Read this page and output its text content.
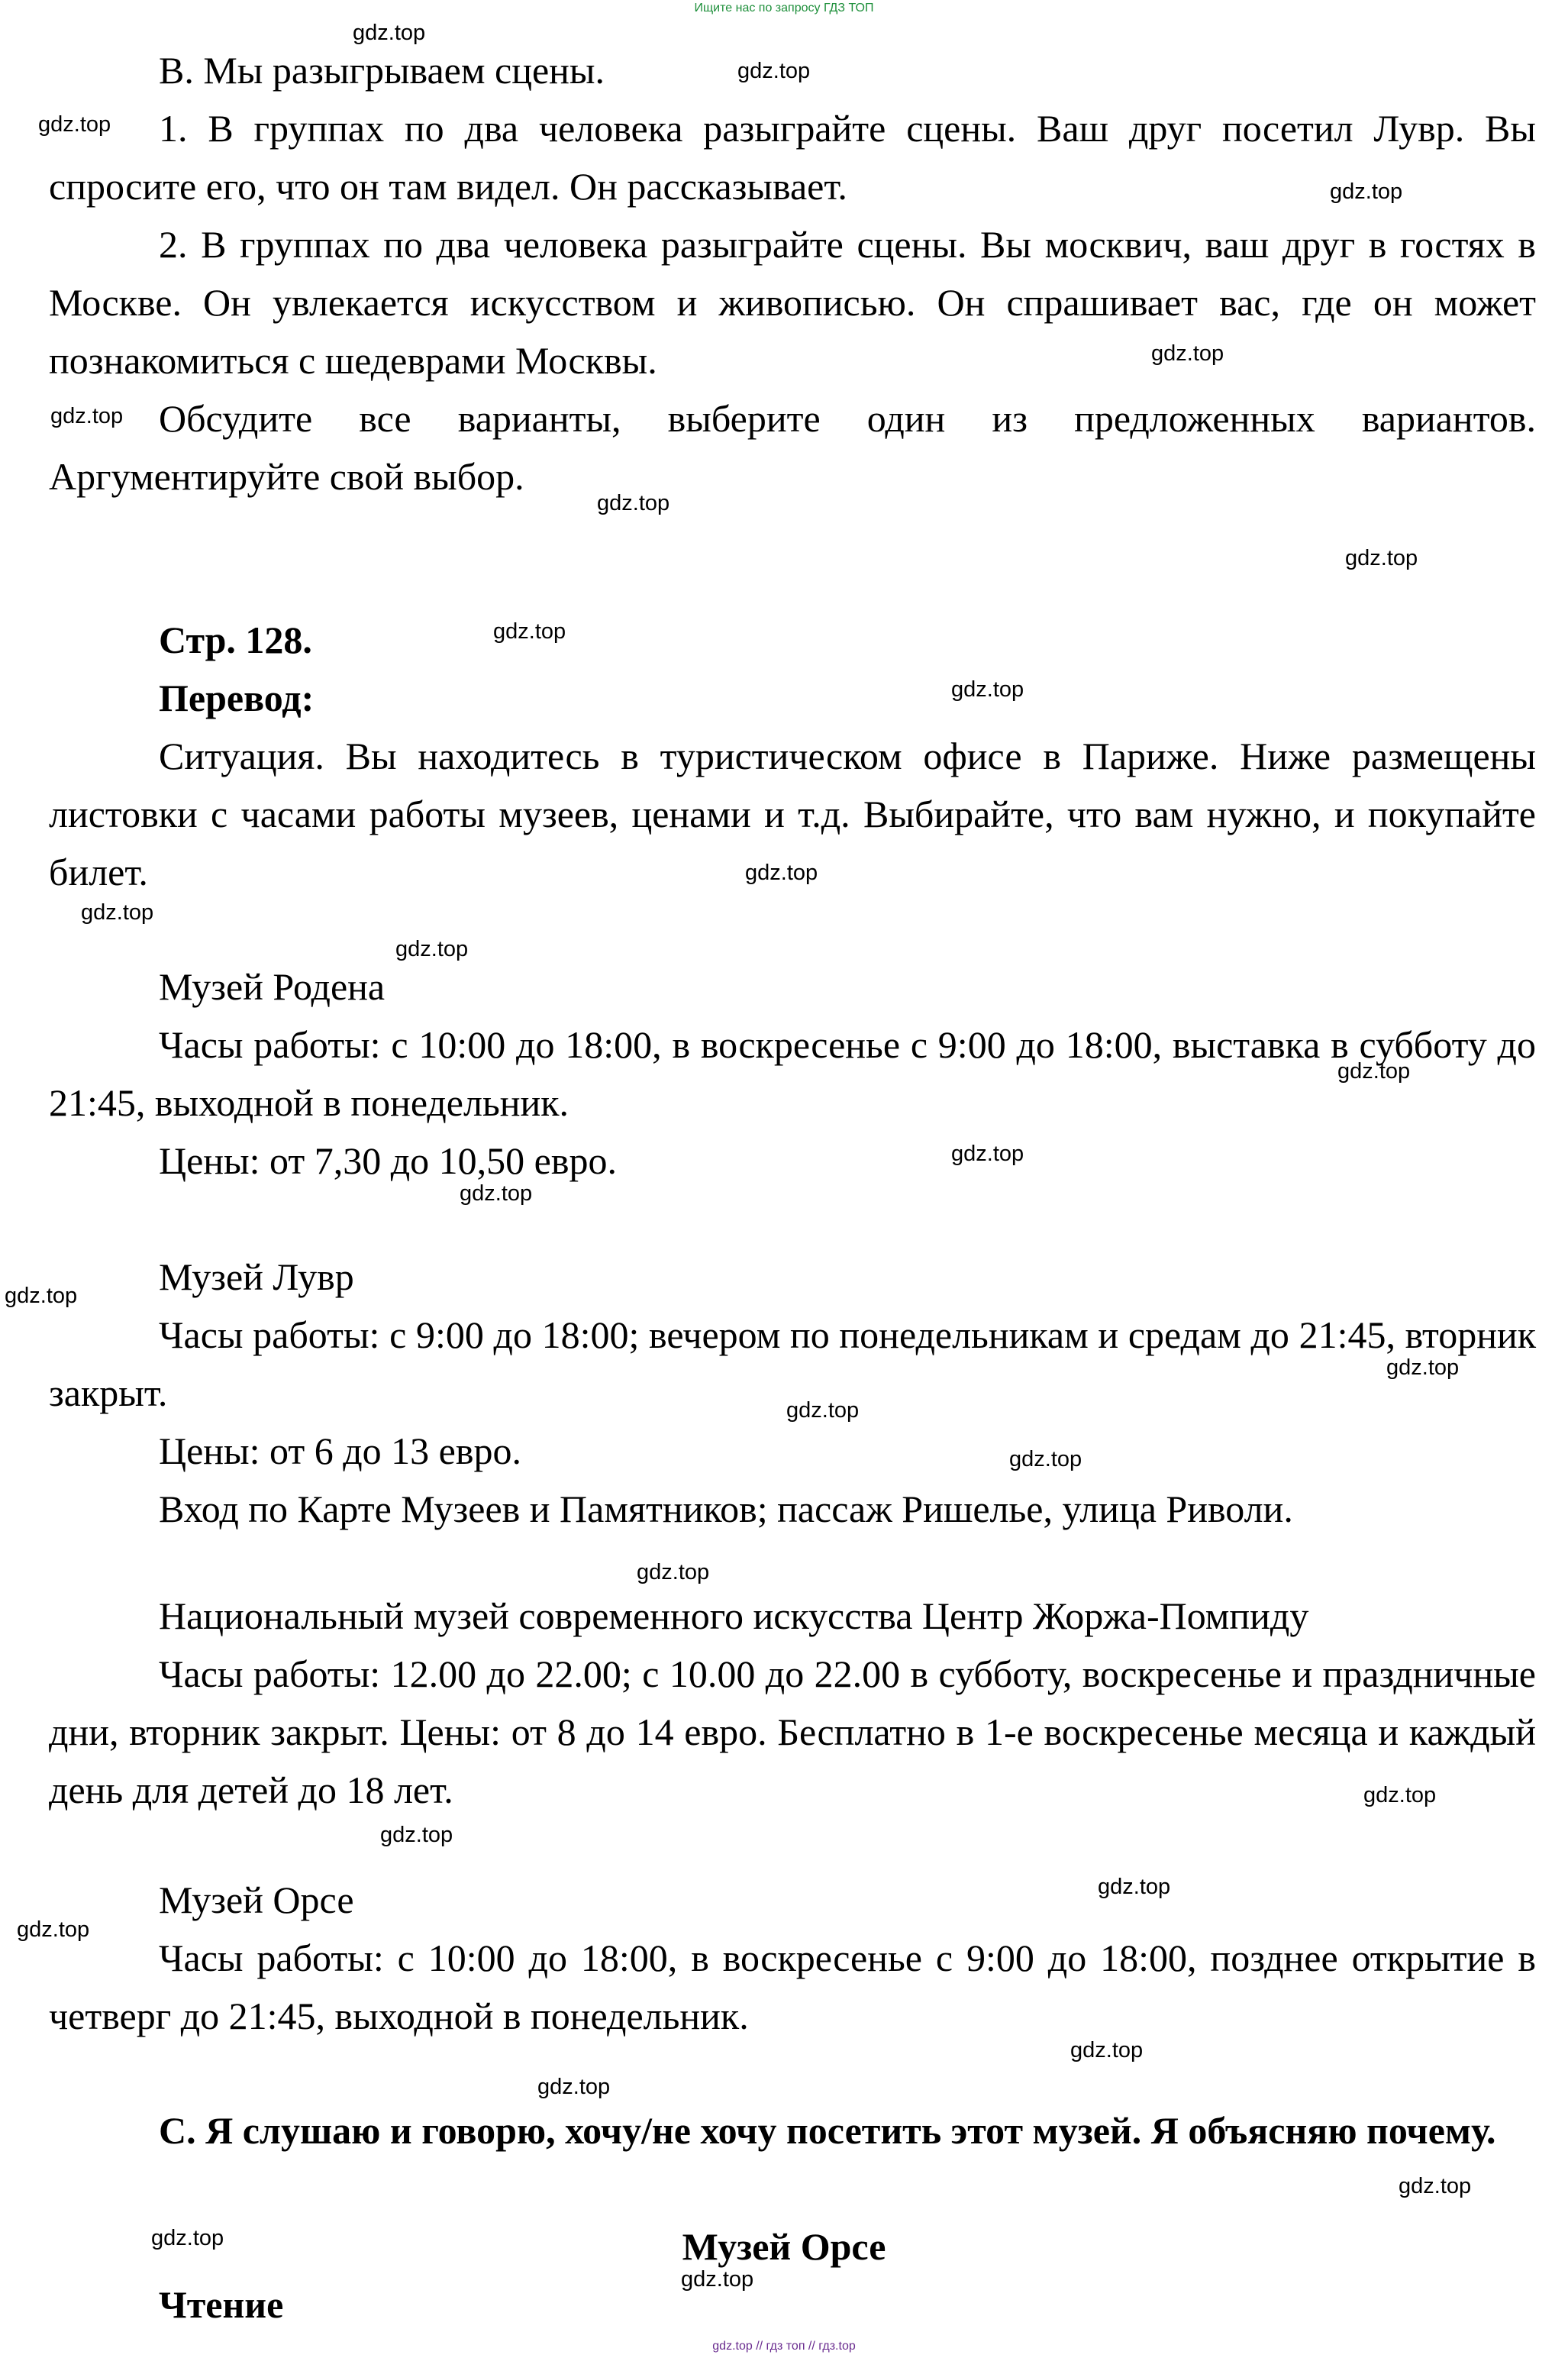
Ищите нас по запросу ГДЗ ТОП

В. Мы разыгрываем сцены.

1. В группах по два человека разыграйте сцены. Ваш друг посетил Лувр. Вы спросите его, что он там видел. Он рассказывает.

2. В группах по два человека разыграйте сцены. Вы москвич, ваш друг в гостях в Москве. Он увлекается искусством и живописью. Он спрашивает вас, где он может познакомиться с шедеврами Москвы.

Обсудите все варианты, выберите один из предложенных вариантов. Аргументируйте свой выбор.

Стр. 128.

Перевод:

Ситуация. Вы находитесь в туристическом офисе в Париже. Ниже размещены листовки с часами работы музеев, ценами и т.д. Выбирайте, что вам нужно, и покупайте билет.

Музей Родена

Часы работы: с 10:00 до 18:00, в воскресенье с 9:00 до 18:00, выставка в субботу до 21:45, выходной в понедельник.

Цены: от 7,30 до 10,50 евро.

Музей Лувр

Часы работы: с 9:00 до 18:00; вечером по понедельникам и средам до 21:45, вторник закрыт.

Цены: от 6 до 13 евро.

Вход по Карте Музеев и Памятников; пассаж Ришелье, улица Риволи.

Национальный музей современного искусства Центр Жоржа-Помпиду

Часы работы: 12.00 до 22.00; с 10.00 до 22.00 в субботу, воскресенье и праздничные дни, вторник закрыт. Цены: от 8 до 14 евро. Бесплатно в 1-е воскресенье месяца и каждый день для детей до 18 лет.

Музей Орсе

Часы работы: с 10:00 до 18:00, в воскресенье с 9:00 до 18:00, позднее открытие в четверг до 21:45, выходной в понедельник.

С. Я слушаю и говорю, хочу/не хочу посетить этот музей. Я объясняю почему.

Музей Орсе

Чтение

gdz.top
gdz.top
gdz.top
gdz.top
gdz.top
gdz.top
gdz.top
gdz.top
gdz.top
gdz.top
gdz.top
gdz.top
gdz.top
gdz.top
gdz.top
gdz.top
gdz.top
gdz.top
gdz.top
gdz.top
gdz.top
gdz.top
gdz.top
gdz.top
gdz.top
gdz.top
gdz.top
gdz.top
gdz.top
gdz.top
gdz.top // гдз топ // гдз.top
